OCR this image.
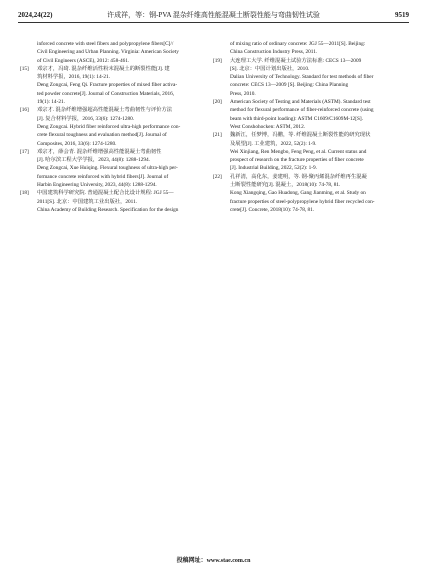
2024,24(22)	许成祥，等：钢-PVA 混杂纤维高性能混凝土断裂性能与弯曲韧性试验	9519
inforced concrete with steel fibers and polypropylene fibers[C]//
Civil Engineering and Urban Planning. Virginia: American Society
of Civil Engineers (ASCE), 2012: 458-461.
[15] 邓宗才，冯琦. 混杂纤维活性粉末混凝土的断裂性能[J]. 建
筑材料学报，2016, 19(1): 14-21.
Deng Zongcai, Feng Qi. Fracture properties of mixed fiber activa-
ted powder concrete[J]. Journal of Construction Materials, 2016,
19(1): 14-21.
[16] 邓宗才. 混杂纤维增强超高性能混凝土弯曲韧性与评价方法
[J]. 复合材料学报，2016, 33(6): 1274-1280.
Deng Zongcai. Hybrid fiber reinforced ultra-high performance con-
crete flexural toughness and evaluation method[J]. Journal of
Composites, 2016, 33(6): 1274-1280.
[17] 邓宗才，薛会青. 混杂纤维增强高性能混凝土弯曲韧性
[J]. 哈尔滨工程大学学报，2023, 44(8): 1288-1294.
Deng Zongcai, Xue Huiqing. Flexural toughness of ultra-high per-
formance concrete reinforced with hybrid fibers[J]. Journal of
Harbin Engineering University, 2023, 44(8): 1288-1294.
[18] 中国建筑科学研究院. 普通混凝土配合比设计规程: JGJ 55—
2011[S]. 北京：中国建筑工业出版社，2011.
China Academy of Building Research. Specification for the design
of mixing ratio of ordinary concrete: JGJ 55—2011[S]. Beijing:
China Construction Industry Press, 2011.
[19] 大连理工大学. 纤维混凝土试验方法标准: CECS 13—2009
[S]. 北京：中国计划出版社，2010.
Dalian University of Technology. Standard for test methods of fiber
concrete: CECS 13—2009 [S]. Beijing: China Planning
Press, 2010.
[20] American Society of Testing and Materials (ASTM). Standard test
method for flexural performance of fiber-reinforced concrete (using
beam with third-point loading): ASTM C1609/C1609M-12[S].
West Conshohocken: ASTM, 2012.
[21] 魏新江，任梦博，冯鹏，等. 纤维混凝土断裂性能的研究现状
及展望[J]. 工业建筑，2022, 52(2): 1-9.
Wei Xinjiang, Ren Mengbo, Feng Peng, et al. Current status and
prospect of research on the fracture properties of fiber concrete
[J]. Industrial Building, 2022, 52(2): 1-9.
[22] 孔祥清，高化东，姜建明，等. 钢-聚丙烯混杂纤维再生混凝
土断裂性能研究[J]. 混凝土，2018(10): 74-78, 81.
Kong Xiangqing, Gao Huadong, Gang Jianming, et al. Study on
fracture properties of steel-polypropylene hybrid fiber recycled con-
crete[J]. Concrete, 2018(10): 74-78, 81.
投稿网址：www.stae.com.cn
